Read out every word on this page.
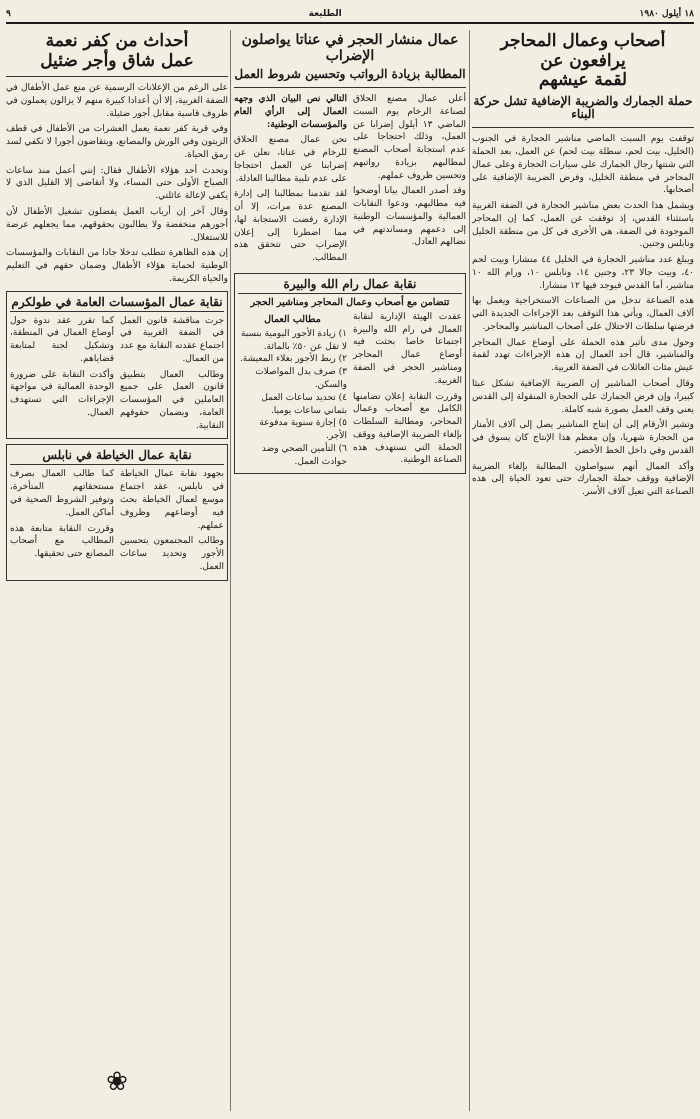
١٨ أيلول ١٩٨٠
الطليعة
٩
أصحاب وعمال المحاجر يرافعون عن
لقمة عيشهم
حملة الجمارك والضريبة الإضافية تشل حركة البناء

توقفت يوم السبت الماضي مناشير الحجارة في الجنوب (الخليل، بيت لحم، سطلة بيت لحم) عن العمل، بعد الحملة التي شنتها رجال الجمارك على سيارات الحجارة وعلى عمال المحاجر في منطقة الخليل، وفرض الضريبة الإضافية على أصحابها.

ويشمل هذا الحدث بعض مناشير الحجارة في الضفة الغربية باستثناء القدس، إذ توقفت عن العمل، كما إن المحاجر الموجودة في الضفة، هي الأخرى في كل من منطقة الخليل ونابلس وجنين.

ويبلغ عدد مناشير الحجارة في الخليل ٤٤ منشارا وبيت لحم ٤٠، وبيت جالا ٢٣، وجنين ١٤، ونابلس ١٠، ورام الله ١٠ مناشير، أما القدس فيوجد فيها ١٢ منشارا.

هذه الصناعة تدخل من الصناعات الاستخراجية ويعمل بها آلاف العمال، ويأتي هذا التوقف بعد الإجراءات الجديدة التي فرضتها سلطات الاحتلال على أصحاب المناشير والمحاجر.

وحول مدى تأثير هذه الحملة على أوضاع عمال المحاجر والمناشير، قال أحد العمال إن هذه الإجراءات تهدد لقمة عيش مئات العائلات في الضفة الغربية.

وقال أصحاب المناشير إن الضريبة الإضافية تشكل عبئا كبيرا، وإن فرض الجمارك على الحجارة المنقولة إلى القدس يعني وقف العمل بصورة شبه كاملة.

وتشير الأرقام إلى أن إنتاج المناشير يصل إلى آلاف الأمتار من الحجارة شهريا، وإن معظم هذا الإنتاج كان يسوق في القدس وفي داخل الخط الأخضر.

وأكد العمال أنهم سيواصلون المطالبة بإلغاء الضريبة الإضافية ووقف حملة الجمارك حتى تعود الحياة إلى هذه الصناعة التي تعيل آلاف الأسر.

عمال منشار الحجر في عناتا يواصلون الإضراب
المطالبة بزيادة الرواتب وتحسين شروط العمل

أعلن عمال مصنع الحلاق لصناعة الرخام يوم السبت الماضي ١٣ أيلول إضرابا عن العمل، وذلك احتجاجا على عدم استجابة أصحاب المصنع لمطالبهم بزيادة رواتبهم وتحسين ظروف عملهم.

وقد أصدر العمال بيانا أوضحوا فيه مطالبهم، ودعوا النقابات العمالية والمؤسسات الوطنية إلى دعمهم ومساندتهم في نضالهم العادل.

التالي نص البيان الذي وجهه العمال إلى الرأي العام والمؤسسات الوطنية:

نحن عمال مصنع الحلاق للرخام في عناتا، نعلن عن إضرابنا عن العمل احتجاجا على عدم تلبية مطالبنا العادلة.

لقد تقدمنا بمطالبنا إلى إدارة المصنع عدة مرات، إلا أن الإدارة رفضت الاستجابة لها، مما اضطرنا إلى إعلان الإضراب حتى تتحقق هذه المطالب.

نقابة عمال رام الله والبيرة
تتضامن مع أصحاب وعمال المحاجر ومناشير الحجر

عقدت الهيئة الإدارية لنقابة العمال في رام الله والبيرة اجتماعا خاصا بحثت فيه أوضاع عمال المحاجر ومناشير الحجر في الضفة الغربية.

وقررت النقابة إعلان تضامنها الكامل مع أصحاب وعمال المحاجر، ومطالبة السلطات بإلغاء الضريبة الإضافية ووقف الحملة التي تستهدف هذه الصناعة الوطنية.

مطالب العمال
١) زيادة الأجور اليومية بنسبة لا تقل عن ٥٠٪ بالمائة.
٢) ربط الأجور بغلاء المعيشة.
٣) صرف بدل المواصلات والسكن.
٤) تحديد ساعات العمل بثماني ساعات يوميا.
٥) إجازة سنوية مدفوعة الأجر.
٦) التأمين الصحي وضد حوادث العمل.
أحداث من كفر نعمة
عمل شاق وأجر ضئيل

على الرغم من الإعلانات الرسمية عن منع عمل الأطفال في الضفة الغربية، إلا أن أعدادا كبيرة منهم لا يزالون يعملون في ظروف قاسية مقابل أجور ضئيلة.

وفي قرية كفر نعمة يعمل العشرات من الأطفال في قطف الزيتون وفي الورش والمصانع، ويتقاضون أجورا لا تكفي لسد رمق الحياة.

وتحدث أحد هؤلاء الأطفال فقال: إنني أعمل منذ ساعات الصباح الأولى حتى المساء، ولا أتقاضى إلا القليل الذي لا يكفي لإعالة عائلتي.

وقال آخر إن أرباب العمل يفضلون تشغيل الأطفال لأن أجورهم منخفضة ولا يطالبون بحقوقهم، مما يجعلهم عرضة للاستغلال.

إن هذه الظاهرة تتطلب تدخلا جادا من النقابات والمؤسسات الوطنية لحماية هؤلاء الأطفال وضمان حقهم في التعليم والحياة الكريمة.

نقابة عمال المؤسسات العامة في طولكرم

جرت مناقشة قانون العمل في الضفة الغربية في اجتماع عقدته النقابة مع عدد من العمال.

وطالب العمال بتطبيق قانون العمل على جميع العاملين في المؤسسات العامة، وبضمان حقوقهم النقابية.

كما تقرر عقد ندوة حول أوضاع العمال في المنطقة، وتشكيل لجنة لمتابعة قضاياهم.

وأكدت النقابة على ضرورة الوحدة العمالية في مواجهة الإجراءات التي تستهدف العمال.

نقابة عمال الخياطة في نابلس

بجهود نقابة عمال الخياطة في نابلس، عقد اجتماع موسع لعمال الخياطة بحث فيه أوضاعهم وظروف عملهم.

وطالب المجتمعون بتحسين الأجور وتحديد ساعات العمل.

كما طالب العمال بصرف مستحقاتهم المتأخرة، وتوفير الشروط الصحية في أماكن العمل.

وقررت النقابة متابعة هذه المطالب مع أصحاب المصانع حتى تحقيقها.

❀
